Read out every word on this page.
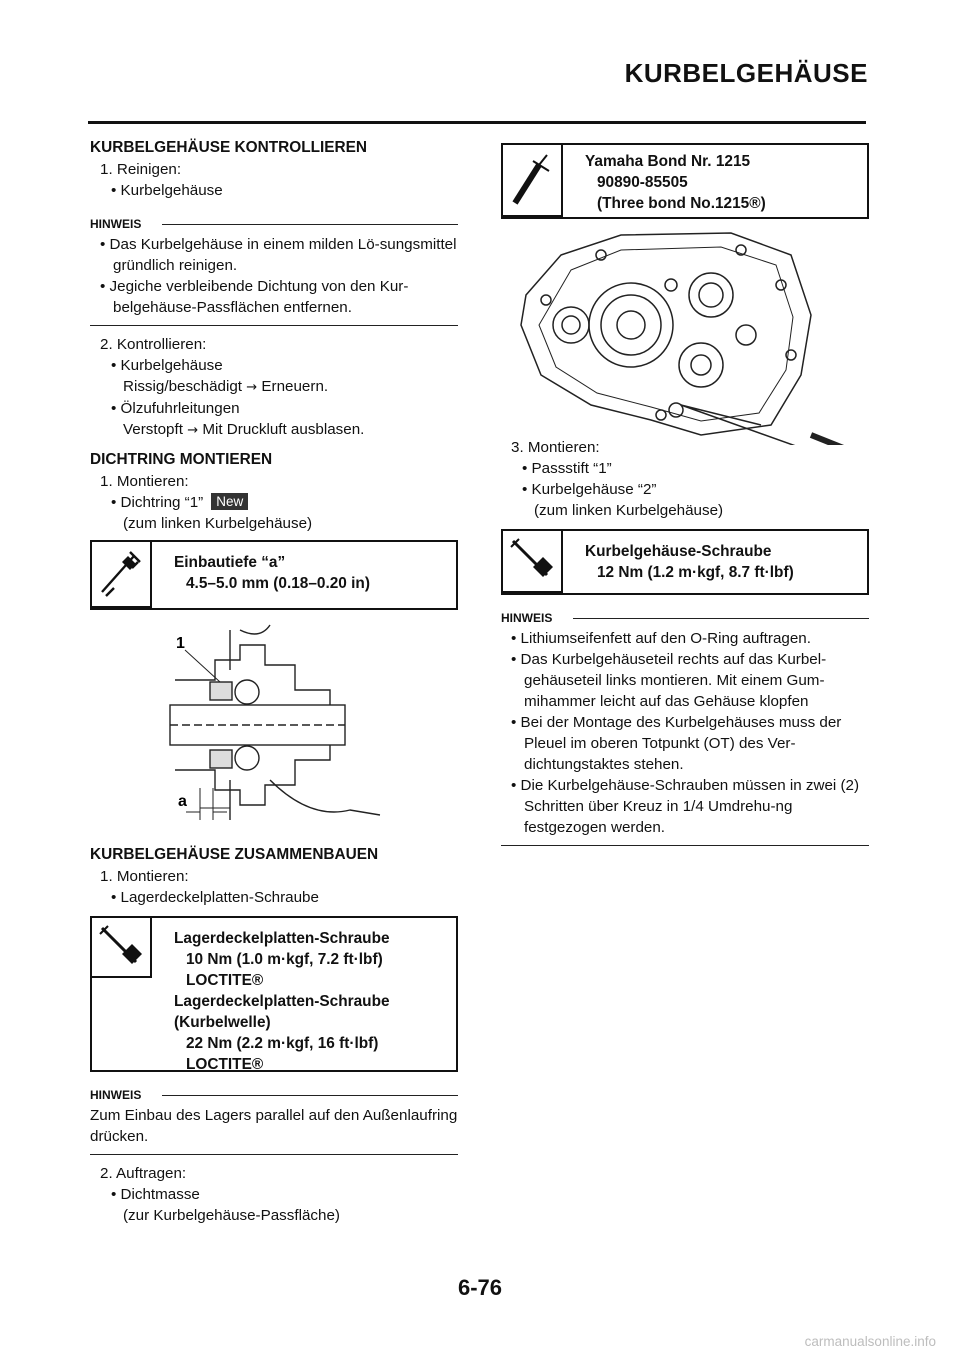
KURBELGEHÄUSE
KURBELGEHÄUSE KONTROLLIEREN

1. Reinigen:

• Kurbelgehäuse

HINWEIS

• Das Kurbelgehäuse in einem milden Lö-sungsmittel gründlich reinigen.

• Jegiche verbleibende Dichtung von den Kur-belgehäuse-Passflächen entfernen.

2. Kontrollieren:

• Kurbelgehäuse

Rissig/beschädigt → Erneuern.

• Ölzufuhrleitungen

Verstopft → Mit Druckluft ausblasen.

DICHTRING MONTIEREN

1. Montieren:

• Dichtring “1” New

(zum linken Kurbelgehäuse)

Einbautiefe “a”
4.5–5.0 mm (0.18–0.20 in)
1
a
KURBELGEHÄUSE ZUSAMMENBAUEN

1. Montieren:

• Lagerdeckelplatten-Schraube

Lagerdeckelplatten-Schraube
10 Nm (1.0 m·kgf, 7.2 ft·lbf)
LOCTITE®
Lagerdeckelplatten-Schraube
(Kurbelwelle)
22 Nm (2.2 m·kgf, 16 ft·lbf)
LOCTITE®
HINWEIS

Zum Einbau des Lagers parallel auf den Außenlaufring drücken.

2. Auftragen:

• Dichtmasse

(zur Kurbelgehäuse-Passfläche)

Yamaha Bond Nr. 1215
90890-85505
(Three bond No.1215®)

3. Montieren:

• Passstift “1”

• Kurbelgehäuse “2”

(zum linken Kurbelgehäuse)

Kurbelgehäuse-Schraube
12 Nm (1.2 m·kgf, 8.7 ft·lbf)
HINWEIS

• Lithiumseifenfett auf den O-Ring auftragen.

• Das Kurbelgehäuseteil rechts auf das Kurbel-gehäuseteil links montieren. Mit einem Gum-mihammer leicht auf das Gehäuse klopfen

• Bei der Montage des Kurbelgehäuses muss der Pleuel im oberen Totpunkt (OT) des Ver-dichtungstaktes stehen.

• Die Kurbelgehäuse-Schrauben müssen in zwei (2) Schritten über Kreuz in 1/4 Umdrehu-ng festgezogen werden.

6-76
carmanualsonline.info
